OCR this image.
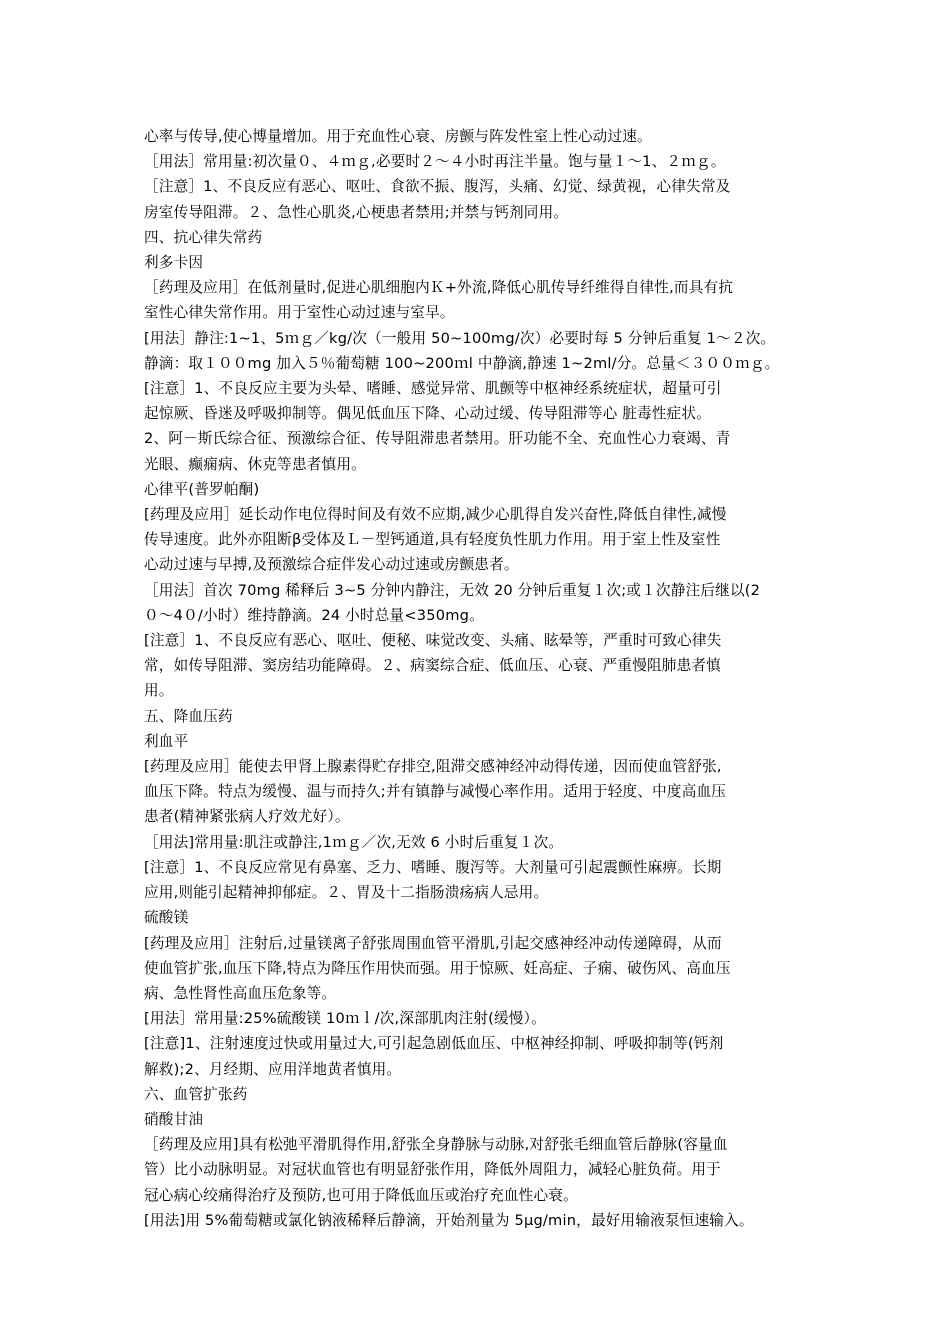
心率与传导,使心博量增加。用于充血性心衰、房颤与阵发性室上性心动过速。
［用法］常用量:初次量０、４ｍｇ,必要时２～４小时再注半量。饱与量１～1、２ｍｇ。
［注意］1、不良反应有恶心、呕吐、食欲不振、腹泻，头痛、幻觉、绿黄视，心律失常及
房室传导阻滞。２、急性心肌炎,心梗患者禁用;并禁与钙剂同用。
四、抗心律失常药
利多卡因
［药理及应用］在低剂量时,促进心肌细胞内Ｋ+外流,降低心肌传导纤维得自律性,而具有抗
室性心律失常作用。用于室性心动过速与室早。
[用法］静注:1~1、5ｍｇ／kg/次（一般用 50~100mg/次）必要时每 5 分钟后重复 1～２次。
静滴：取１００mg 加入５％葡萄糖 100~200ｍl 中静滴,静速 1~2ml/分。总量＜３００ｍｇ。
[注意］1、不良反应主要为头晕、嗜睡、感觉异常、肌颤等中枢神经系统症状，超量可引
起惊厥、昏迷及呼吸抑制等。偶见低血压下降、心动过缓、传导阻滞等心 脏毒性症状。
2、阿－斯氏综合征、预激综合征、传导阻滞患者禁用。肝功能不全、充血性心力衰竭、青
光眼、癫痫病、休克等患者慎用。
心律平(普罗帕酮)
[药理及应用］延长动作电位得时间及有效不应期,减少心肌得自发兴奋性,降低自律性,减慢
传导速度。此外亦阻断β受体及Ｌ－型钙通道,具有轻度负性肌力作用。用于室上性及室性
心动过速与早搏,及预激综合症伴发心动过速或房颤患者。
［用法］首次 70mg 稀释后 3~5 分钟内静注，无效 20 分钟后重复１次;或１次静注后继以(2
０～4０/小时）维持静滴。24 小时总量<350mg。
[注意］1、不良反应有恶心、呕吐、便秘、味觉改变、头痛、眩晕等，严重时可致心律失
常，如传导阻滞、窦房结功能障碍。２、病窦综合症、低血压、心衰、严重慢阻肺患者慎
用。
五、降血压药
利血平
[药理及应用］能使去甲肾上腺素得贮存排空,阻滞交感神经冲动得传递，因而使血管舒张,
血压下降。特点为缓慢、温与而持久;并有镇静与减慢心率作用。适用于轻度、中度高血压
患者(精神紧张病人疗效尤好）。
［用法]常用量:肌注或静注,1ｍｇ／次,无效 6 小时后重复１次。
[注意］1、不良反应常见有鼻塞、乏力、嗜睡、腹泻等。大剂量可引起震颤性麻痹。长期
应用,则能引起精神抑郁症。２、胃及十二指肠溃疡病人忌用。
硫酸镁
[药理及应用］注射后,过量镁离子舒张周围血管平滑肌,引起交感神经冲动传递障碍，从而
使血管扩张,血压下降,特点为降压作用快而强。用于惊厥、妊高症、子痫、破伤风、高血压
病、急性肾性高血压危象等。
[用法］常用量:25%硫酸镁 10ｍｌ/次,深部肌肉注射(缓慢）。
[注意]1、注射速度过快或用量过大,可引起急剧低血压、中枢神经抑制、呼吸抑制等(钙剂
解救);2、月经期、应用洋地黄者慎用。
六、血管扩张药
硝酸甘油
［药理及应用]具有松弛平滑肌得作用,舒张全身静脉与动脉,对舒张毛细血管后静脉(容量血
管）比小动脉明显。对冠状血管也有明显舒张作用，降低外周阻力，减轻心脏负荷。用于
冠心病心绞痛得治疗及预防,也可用于降低血压或治疗充血性心衰。
[用法]用 5%葡萄糖或氯化钠液稀释后静滴，开始剂量为 5μg/min，最好用输液泵恒速输入。
